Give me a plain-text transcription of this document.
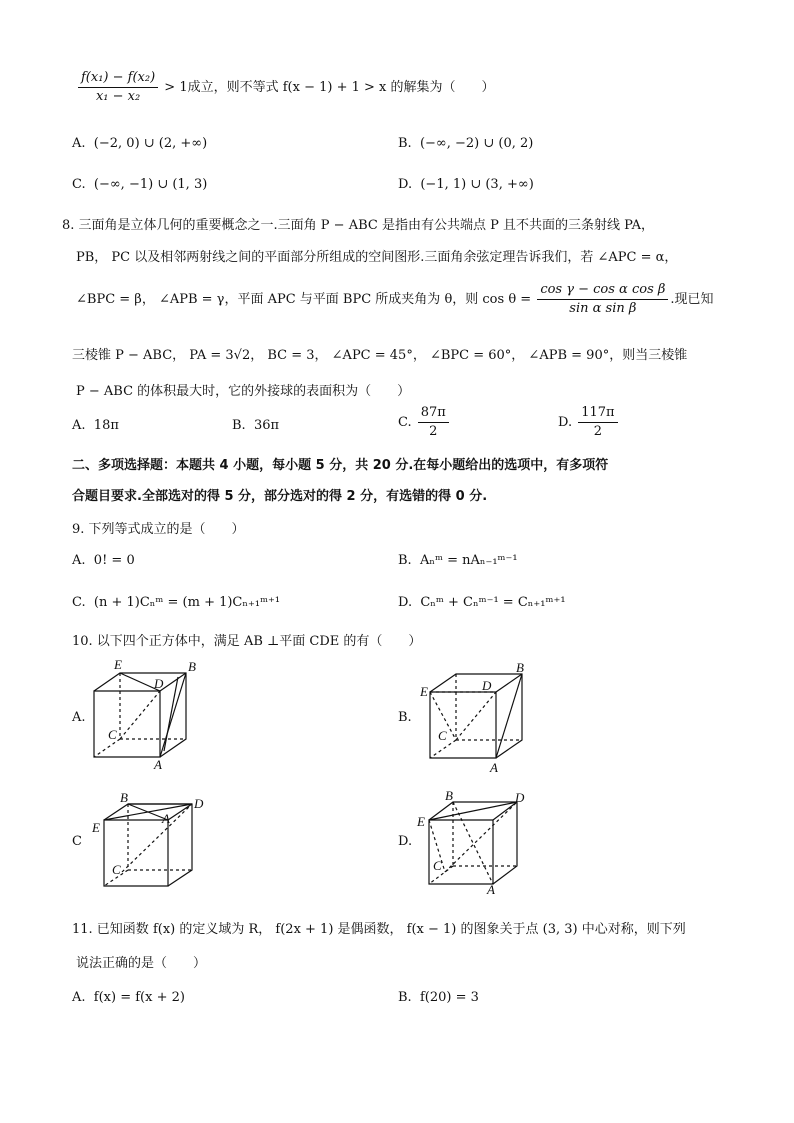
$\frac{\text{f(x₁) − f(x₂)}}{\text{x₁ − x₂}} > 1$成立，则不等式 f(x − 1) + 1 > x 的解集为（　　）
A. (−2, 0) ∪ (2, +∞)	B. (−∞, −2) ∪ (0, 2)
C. (−∞, −1) ∪ (1, 3)	D. (−1, 1) ∪ (3, +∞)
8. 三面角是立体几何的重要概念之一.三面角 P − ABC 是指由有公共端点 P 且不共面的三条射线 PA，
PB， PC 以及相邻两射线之间的平面部分所组成的空间图形.三面角余弦定理告诉我们，若 ∠APC = α，
∠BPC = β， ∠APB = γ，平面 APC 与平面 BPC 所成夹角为 θ，则 $\cos \theta = \frac{\text{cos γ − cos α cos β}}{\text{sin α sin β}}$ .现已知
三棱锥 P − ABC， PA = 3√2， BC = 3， ∠APC = 45°， ∠BPC = 60°， ∠APB = 90°，则当三棱锥
P − ABC 的体积最大时，它的外接球的表面积为（　　）
A. 18π	B. 36π	C. $\frac{87\pi}{2}$	D. $\frac{117\pi}{2}$
二、多项选择题：本题共 4 小题，每小题 5 分，共 20 分.在每小题给出的选项中，有多项符
合题目要求.全部选对的得 5 分，部分选对的得 2 分，有选错的得 0 分.
9. 下列等式成立的是（　　）
A. 0! = 0	B. Aₙᵐ = nAₙ₋₁ᵐ⁻¹
C. (n + 1)Cₙᵐ = (m + 1)Cₙ₊₁ᵐ⁺¹	D. Cₙᵐ + Cₙᵐ⁻¹ = Cₙ₊₁ᵐ⁺¹
10. 以下四个正方体中，满足 AB ⊥平面 CDE 的有（　　）
A.	B.
C	D.
E	B
D
C
A
E
B
D
C
A
B	D
A
E
C
B	D
E
C
A
11. 已知函数 f(x) 的定义域为 R， f(2x + 1) 是偶函数， f(x − 1) 的图象关于点 (3, 3) 中心对称，则下列
说法正确的是（　　）
A. f(x) = f(x + 2)	B. f(20) = 3
